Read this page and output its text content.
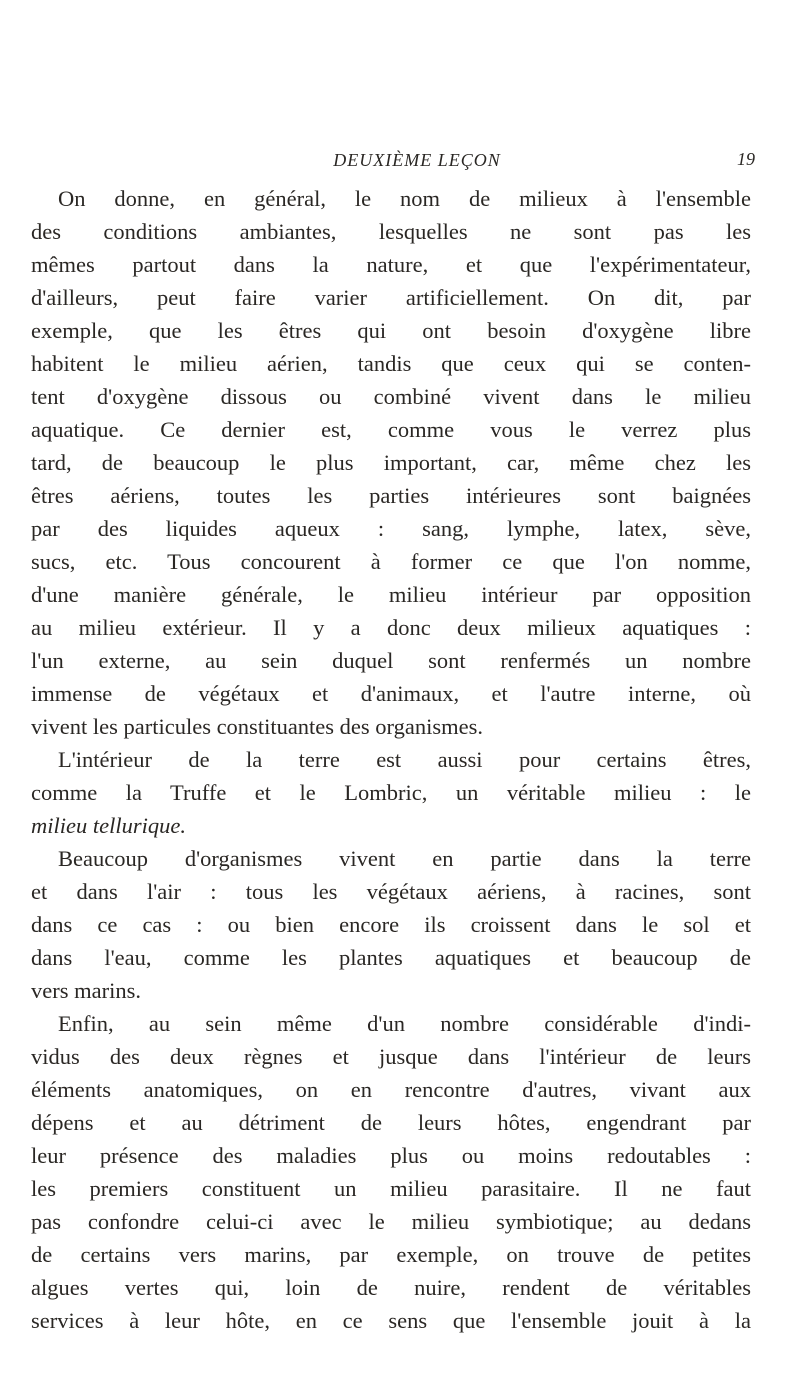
DEUXIÈME LEÇON	19
On donne, en général, le nom de milieux à l'ensemble
des conditions ambiantes, lesquelles ne sont pas les
mêmes partout dans la nature, et que l'expérimentateur,
d'ailleurs, peut faire varier artificiellement. On dit, par
exemple, que les êtres qui ont besoin d'oxygène libre
habitent le milieu aérien, tandis que ceux qui se conten-
tent d'oxygène dissous ou combiné vivent dans le milieu
aquatique. Ce dernier est, comme vous le verrez plus
tard, de beaucoup le plus important, car, même chez les
êtres aériens, toutes les parties intérieures sont baignées
par des liquides aqueux : sang, lymphe, latex, sève,
sucs, etc. Tous concourent à former ce que l'on nomme,
d'une manière générale, le milieu intérieur par opposition
au milieu extérieur. Il y a donc deux milieux aquatiques :
l'un externe, au sein duquel sont renfermés un nombre
immense de végétaux et d'animaux, et l'autre interne, où
vivent les particules constituantes des organismes.
L'intérieur de la terre est aussi pour certains êtres,
comme la Truffe et le Lombric, un véritable milieu : le
milieu tellurique.
Beaucoup d'organismes vivent en partie dans la terre
et dans l'air : tous les végétaux aériens, à racines, sont
dans ce cas : ou bien encore ils croissent dans le sol et
dans l'eau, comme les plantes aquatiques et beaucoup de
vers marins.
Enfin, au sein même d'un nombre considérable d'indi-
vidus des deux règnes et jusque dans l'intérieur de leurs
éléments anatomiques, on en rencontre d'autres, vivant aux
dépens et au détriment de leurs hôtes, engendrant par
leur présence des maladies plus ou moins redoutables :
les premiers constituent un milieu parasitaire. Il ne faut
pas confondre celui-ci avec le milieu symbiotique; au dedans
de certains vers marins, par exemple, on trouve de petites
algues vertes qui, loin de nuire, rendent de véritables
services à leur hôte, en ce sens que l'ensemble jouit à la
